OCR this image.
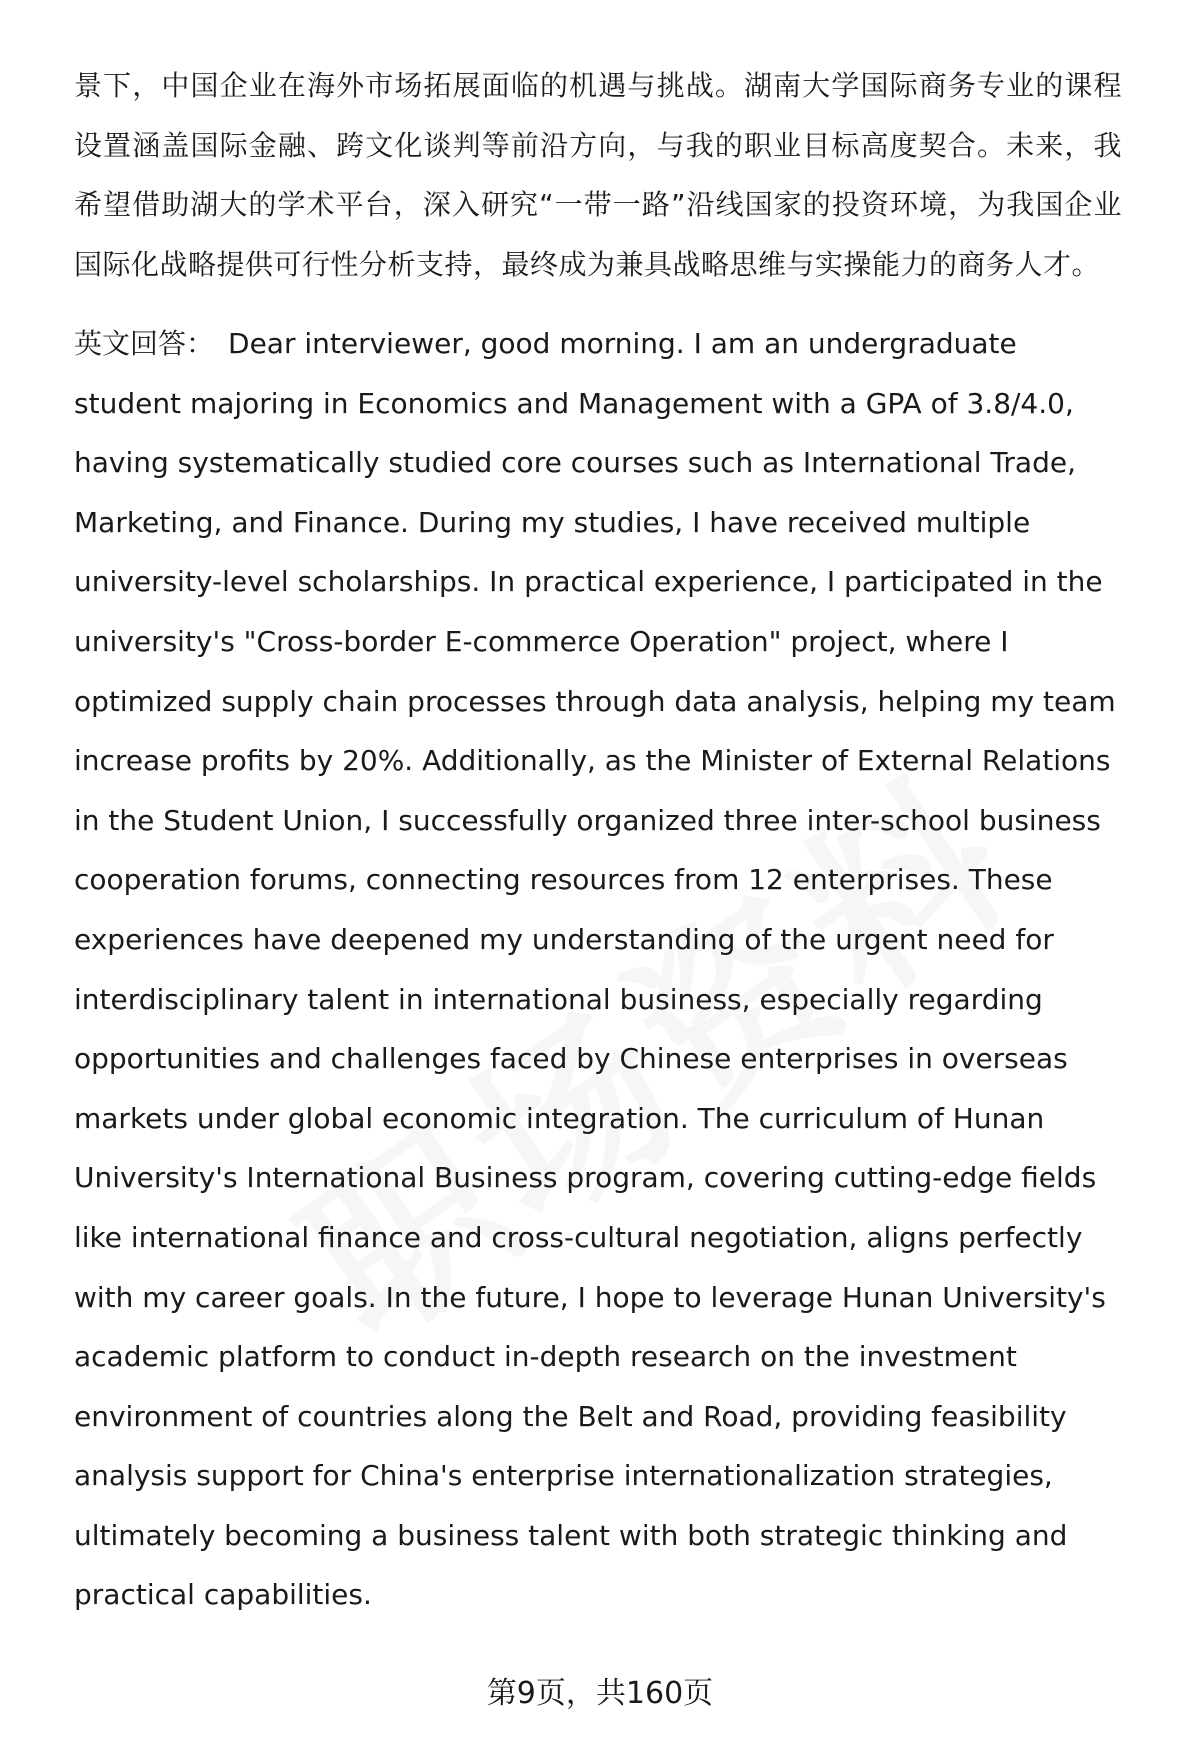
景下，中国企业在海外市场拓展面临的机遇与挑战。湖南大学国际商务专业的课程设置涵盖国际金融、跨文化谈判等前沿方向，与我的职业目标高度契合。未来，我希望借助湖大的学术平台，深入研究“一带一路”沿线国家的投资环境，为我国企业国际化战略提供可行性分析支持，最终成为兼具战略思维与实操能力的商务人才。

英文回答： Dear interviewer, good morning. I am an undergraduate student majoring in Economics and Management with a GPA of 3.8/4.0, having systematically studied core courses such as International Trade, Marketing, and Finance. During my studies, I have received multiple university-level scholarships. In practical experience, I participated in the university's "Cross-border E-commerce Operation" project, where I optimized supply chain processes through data analysis, helping my team increase profits by 20%. Additionally, as the Minister of External Relations in the Student Union, I successfully organized three inter-school business cooperation forums, connecting resources from 12 enterprises. These experiences have deepened my understanding of the urgent need for interdisciplinary talent in international business, especially regarding opportunities and challenges faced by Chinese enterprises in overseas markets under global economic integration. The curriculum of Hunan University's International Business program, covering cutting-edge fields like international finance and cross-cultural negotiation, aligns perfectly with my career goals. In the future, I hope to leverage Hunan University's academic platform to conduct in-depth research on the investment environment of countries along the Belt and Road, providing feasibility analysis support for China's enterprise internationalization strategies, ultimately becoming a business talent with both strategic thinking and practical capabilities.

第9页，共160页
